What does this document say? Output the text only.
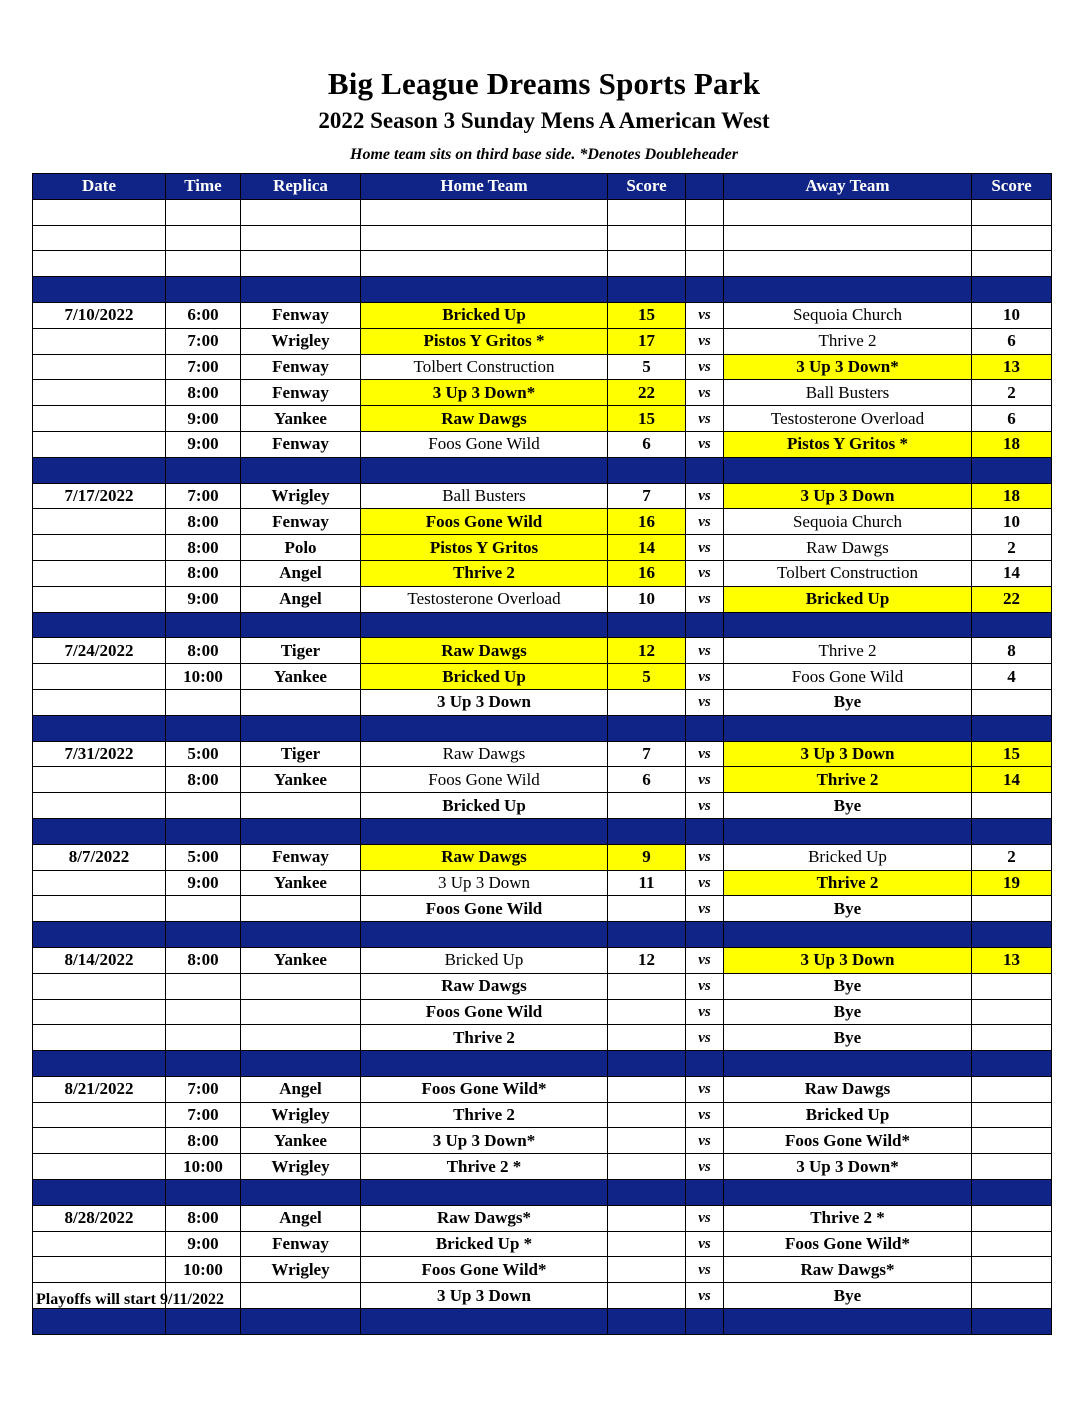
Big League Dreams Sports Park
2022 Season 3 Sunday Mens A American West
Home team sits on third base side. *Denotes Doubleheader
Date	Time	Replica	Home Team	Score		Away Team	Score

7/10/2022	6:00	Fenway	Bricked Up	15	vs	Sequoia Church	10
	7:00	Wrigley	Pistos Y Gritos *	17	vs	Thrive 2	6
	7:00	Fenway	Tolbert Construction	5	vs	3 Up 3 Down*	13
	8:00	Fenway	3 Up 3 Down*	22	vs	Ball Busters	2
	9:00	Yankee	Raw Dawgs	15	vs	Testosterone Overload	6
	9:00	Fenway	Foos Gone Wild	6	vs	Pistos Y Gritos *	18

7/17/2022	7:00	Wrigley	Ball Busters	7	vs	3 Up 3 Down	18
	8:00	Fenway	Foos Gone Wild	16	vs	Sequoia Church	10
	8:00	Polo	Pistos Y Gritos	14	vs	Raw Dawgs	2
	8:00	Angel	Thrive 2	16	vs	Tolbert Construction	14
	9:00	Angel	Testosterone Overload	10	vs	Bricked Up	22

7/24/2022	8:00	Tiger	Raw Dawgs	12	vs	Thrive 2	8
	10:00	Yankee	Bricked Up	5	vs	Foos Gone Wild	4
			3 Up 3 Down		vs	Bye	

7/31/2022	5:00	Tiger	Raw Dawgs	7	vs	3 Up 3 Down	15
	8:00	Yankee	Foos Gone Wild	6	vs	Thrive 2	14
			Bricked Up		vs	Bye	

8/7/2022	5:00	Fenway	Raw Dawgs	9	vs	Bricked Up	2
	9:00	Yankee	3 Up 3 Down	11	vs	Thrive 2	19
			Foos Gone Wild		vs	Bye	

8/14/2022	8:00	Yankee	Bricked Up	12	vs	3 Up 3 Down	13
			Raw Dawgs		vs	Bye	
			Foos Gone Wild		vs	Bye	
			Thrive 2		vs	Bye	

8/21/2022	7:00	Angel	Foos Gone Wild*		vs	Raw Dawgs	
	7:00	Wrigley	Thrive 2		vs	Bricked Up	
	8:00	Yankee	3 Up 3 Down*		vs	Foos Gone Wild*	
	10:00	Wrigley	Thrive 2 *		vs	3 Up 3 Down*	

8/28/2022	8:00	Angel	Raw Dawgs*		vs	Thrive 2 *	
	9:00	Fenway	Bricked Up *		vs	Foos Gone Wild*	
	10:00	Wrigley	Foos Gone Wild*		vs	Raw Dawgs*	
			3 Up 3 Down		vs	Bye	

Playoffs will start 9/11/2022
